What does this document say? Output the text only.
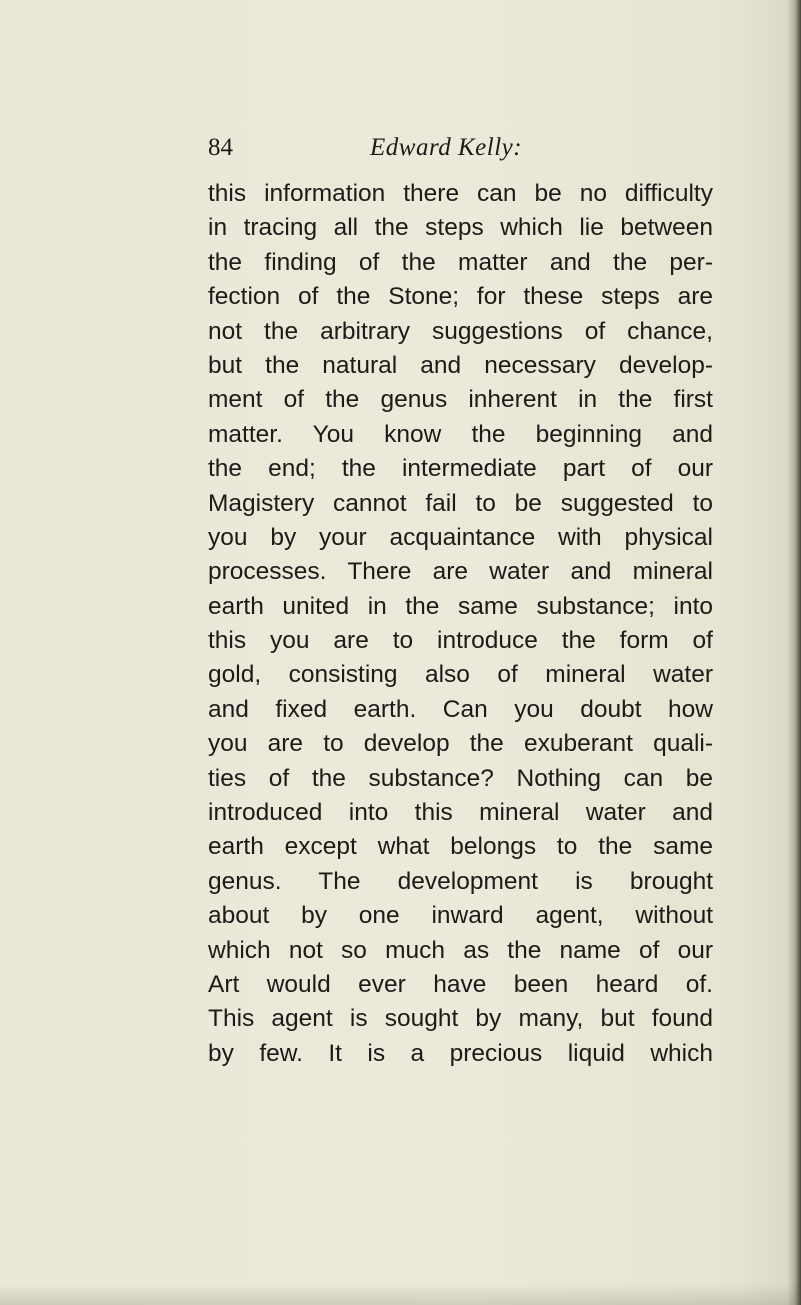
84	Edward Kelly:
this information there can be no difficulty
in tracing all the steps which lie between
the finding of the matter and the per-
fection of the Stone; for these steps are
not the arbitrary suggestions of chance,
but the natural and necessary develop-
ment of the genus inherent in the first
matter. You know the beginning and
the end; the intermediate part of our
Magistery cannot fail to be suggested to
you by your acquaintance with physical
processes. There are water and mineral
earth united in the same substance; into
this you are to introduce the form of
gold, consisting also of mineral water
and fixed earth. Can you doubt how
you are to develop the exuberant quali-
ties of the substance? Nothing can be
introduced into this mineral water and
earth except what belongs to the same
genus. The development is brought
about by one inward agent, without
which not so much as the name of our
Art would ever have been heard of.
This agent is sought by many, but found
by few. It is a precious liquid which
